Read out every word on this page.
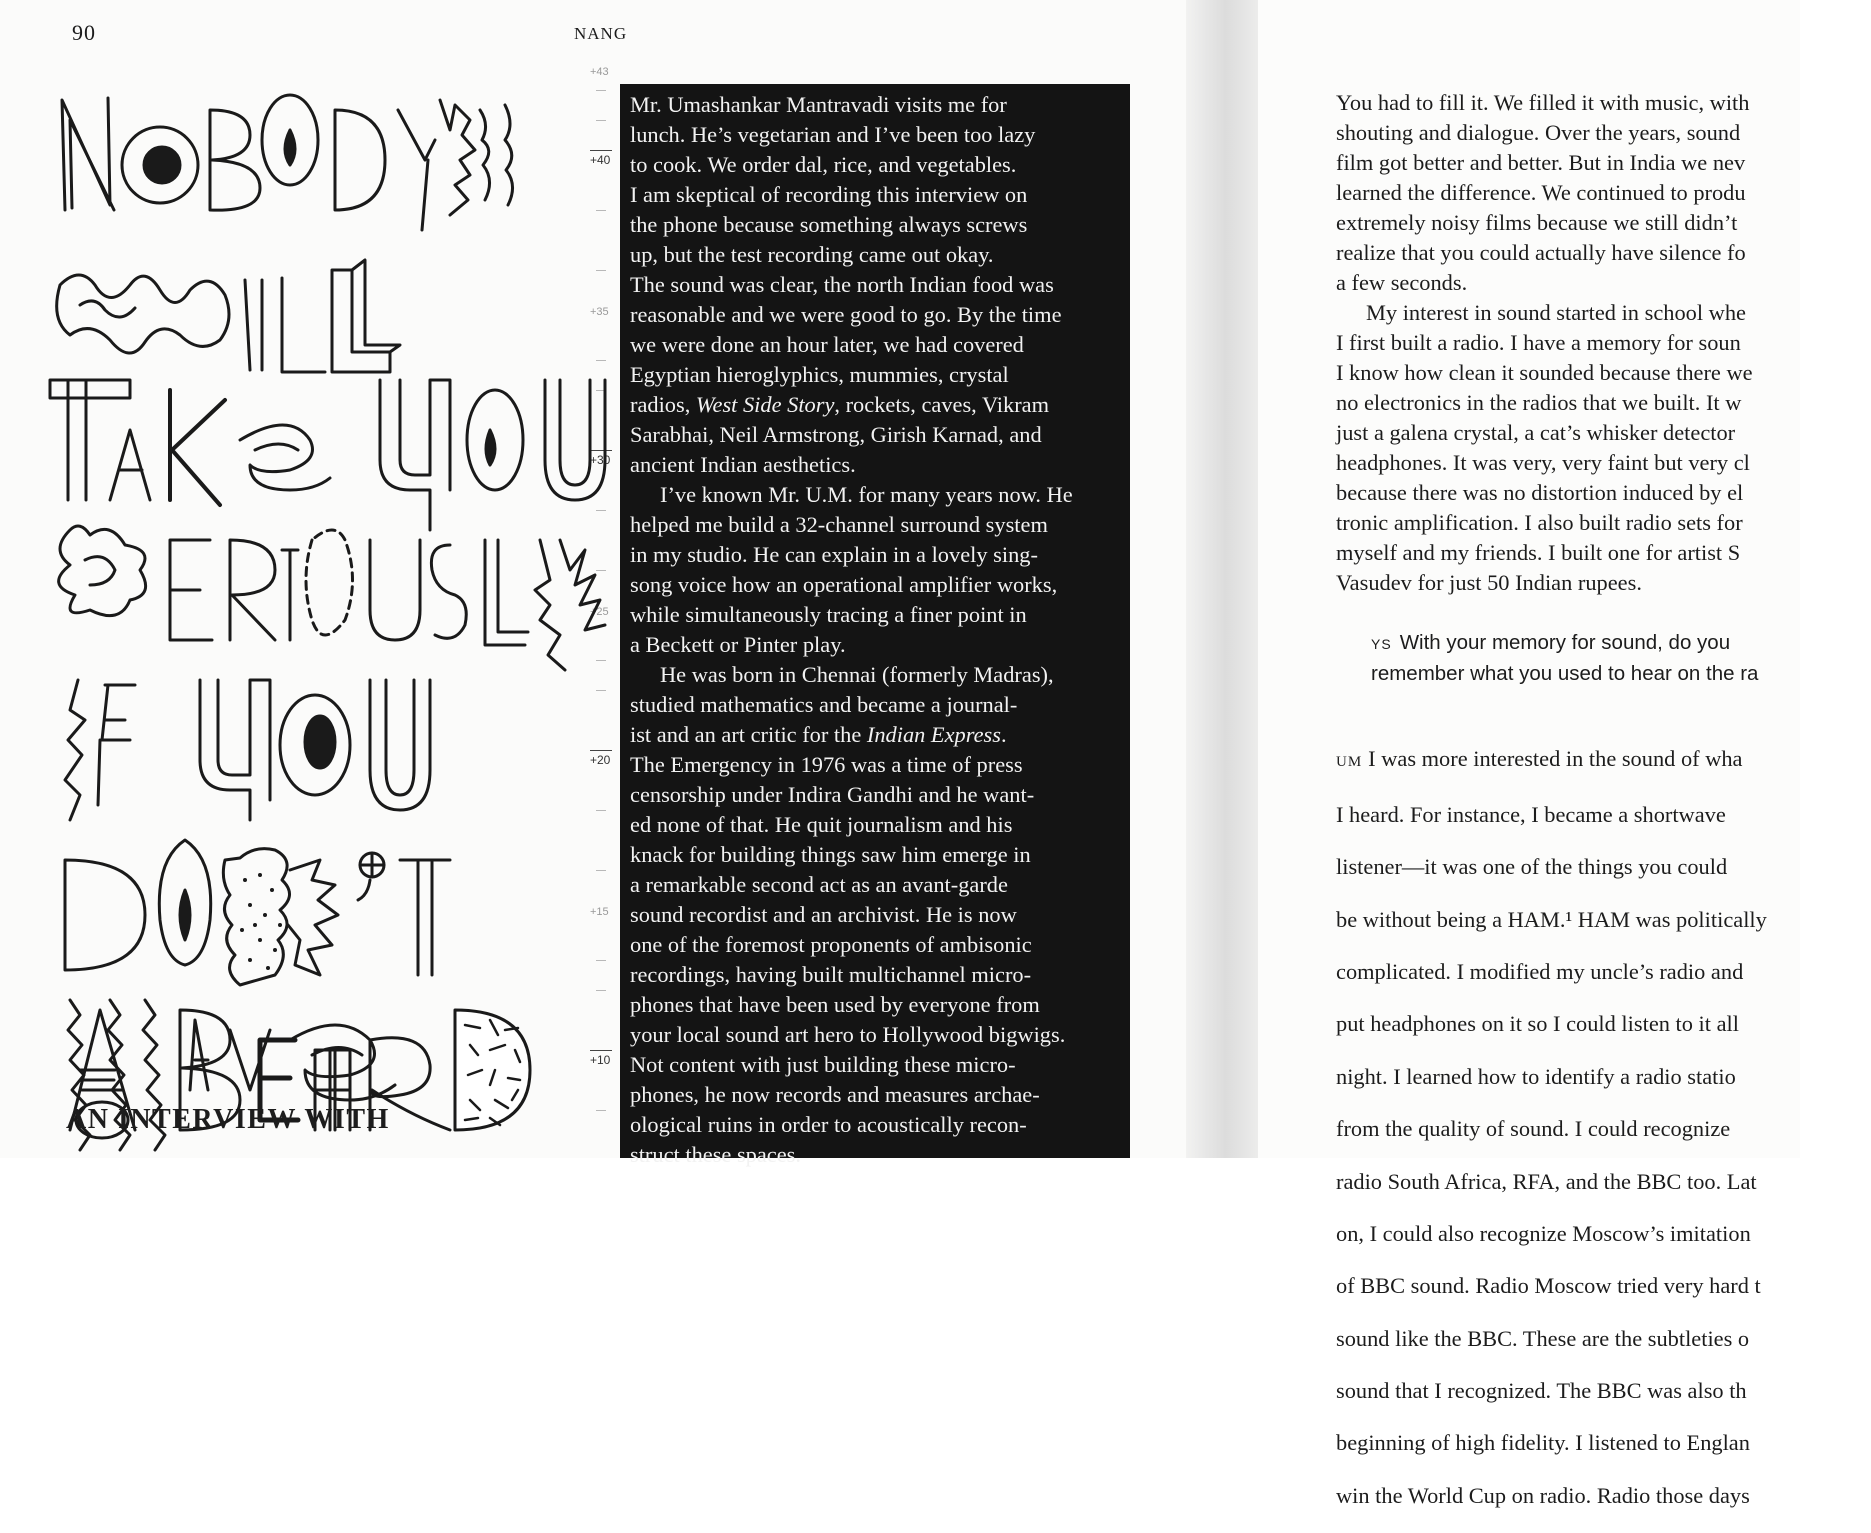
90	NANG
+43
+40
+35
+30
+25
+20
+15
+10
AN INTERVIEW WITH

Mr. Umashankar Mantravadi visits me for

lunch. He’s vegetarian and I’ve been too lazy

to cook. We order dal, rice, and vegetables.

I am skeptical of recording this interview on

the phone because something always screws

up, but the test recording came out okay.

The sound was clear, the north Indian food was

reasonable and we were good to go. By the time

we were done an hour later, we had covered

Egyptian hieroglyphics, mummies, crystal

radios, West Side Story, rockets, caves, Vikram

Sarabhai, Neil Armstrong, Girish Karnad, and

ancient Indian aesthetics.

I’ve known Mr. U.M. for many years now. He

helped me build a 32-channel surround system

in my studio. He can explain in a lovely sing-

song voice how an operational amplifier works,

while simultaneously tracing a finer point in

a Beckett or Pinter play.

He was born in Chennai (formerly Madras),

studied mathematics and became a journal-

ist and an art critic for the Indian Express.

The Emergency in 1976 was a time of press

censorship under Indira Gandhi and he want-

ed none of that. He quit journalism and his

knack for building things saw him emerge in

a remarkable second act as an avant-garde

sound recordist and an archivist. He is now

one of the foremost proponents of ambisonic

recordings, having built multichannel micro-

phones that have been used by everyone from

your local sound art hero to Hollywood bigwigs.

Not content with just building these micro-

phones, he now records and measures archae-

ological ruins in order to acoustically recon-

struct these spaces.

You had to fill it. We filled it with music, with

shouting and dialogue. Over the years, sound

film got better and better. But in India we nev

learned the difference. We continued to produ

extremely noisy films because we still didn’t

realize that you could actually have silence fo

a few seconds.

My interest in sound started in school whe

I first built a radio. I have a memory for soun

I know how clean it sounded because there we

no electronics in the radios that we built. It w

just a galena crystal, a cat’s whisker detector

headphones. It was very, very faint but very cl

because there was no distortion induced by el

tronic amplification. I also built radio sets for

myself and my friends. I built one for artist S

Vasudev for just 50 Indian rupees.

YS With your memory for sound, do you
remember what you used to hear on the ra

UM I was more interested in the sound of wha

I heard. For instance, I became a shortwave

listener—it was one of the things you could

be without being a HAM.¹ HAM was politically

complicated. I modified my uncle’s radio and

put headphones on it so I could listen to it all

night. I learned how to identify a radio statio

from the quality of sound. I could recognize

radio South Africa, RFA, and the BBC too. Lat

on, I could also recognize Moscow’s imitation

of BBC sound. Radio Moscow tried very hard t

sound like the BBC. These are the subtleties o

sound that I recognized. The BBC was also th

beginning of high fidelity. I listened to Englan

win the World Cup on radio. Radio those days
